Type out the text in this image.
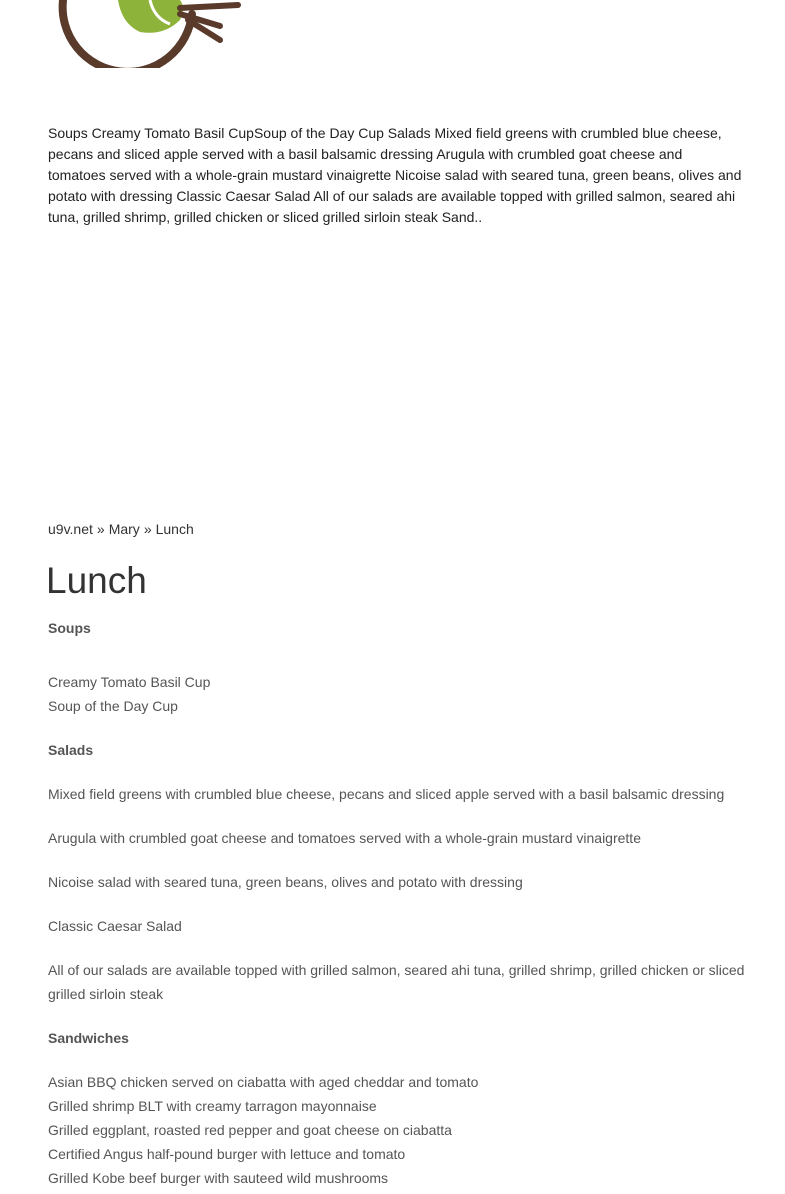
Soups Creamy Tomato Basil CupSoup of the Day Cup Salads Mixed field greens with crumbled blue cheese, pecans and sliced apple served with a basil balsamic dressing Arugula with crumbled goat cheese and tomatoes served with a whole-grain mustard vinaigrette Nicoise salad with seared tuna, green beans, olives and potato with dressing Classic Caesar Salad All of our salads are available topped with grilled salmon, seared ahi tuna, grilled shrimp, grilled chicken or sliced grilled sirloin steak Sand..

u9v.net » Mary » Lunch
Lunch

Soups

Creamy Tomato Basil Cup

Soup of the Day Cup

Salads

Mixed field greens with crumbled blue cheese, pecans and sliced apple served with a basil balsamic dressing

Arugula with crumbled goat cheese and tomatoes served with a whole-grain mustard vinaigrette

Nicoise salad with seared tuna, green beans, olives and potato with dressing

Classic Caesar Salad

All of our salads are available topped with grilled salmon, seared ahi tuna, grilled shrimp, grilled chicken or sliced grilled sirloin steak

Sandwiches

Asian BBQ chicken served on ciabatta with aged cheddar and tomato

Grilled shrimp BLT with creamy tarragon mayonnaise

Grilled eggplant, roasted red pepper and goat cheese on ciabatta

Certified Angus half-pound burger with lettuce and tomato

Grilled Kobe beef burger with sauteed wild mushrooms
